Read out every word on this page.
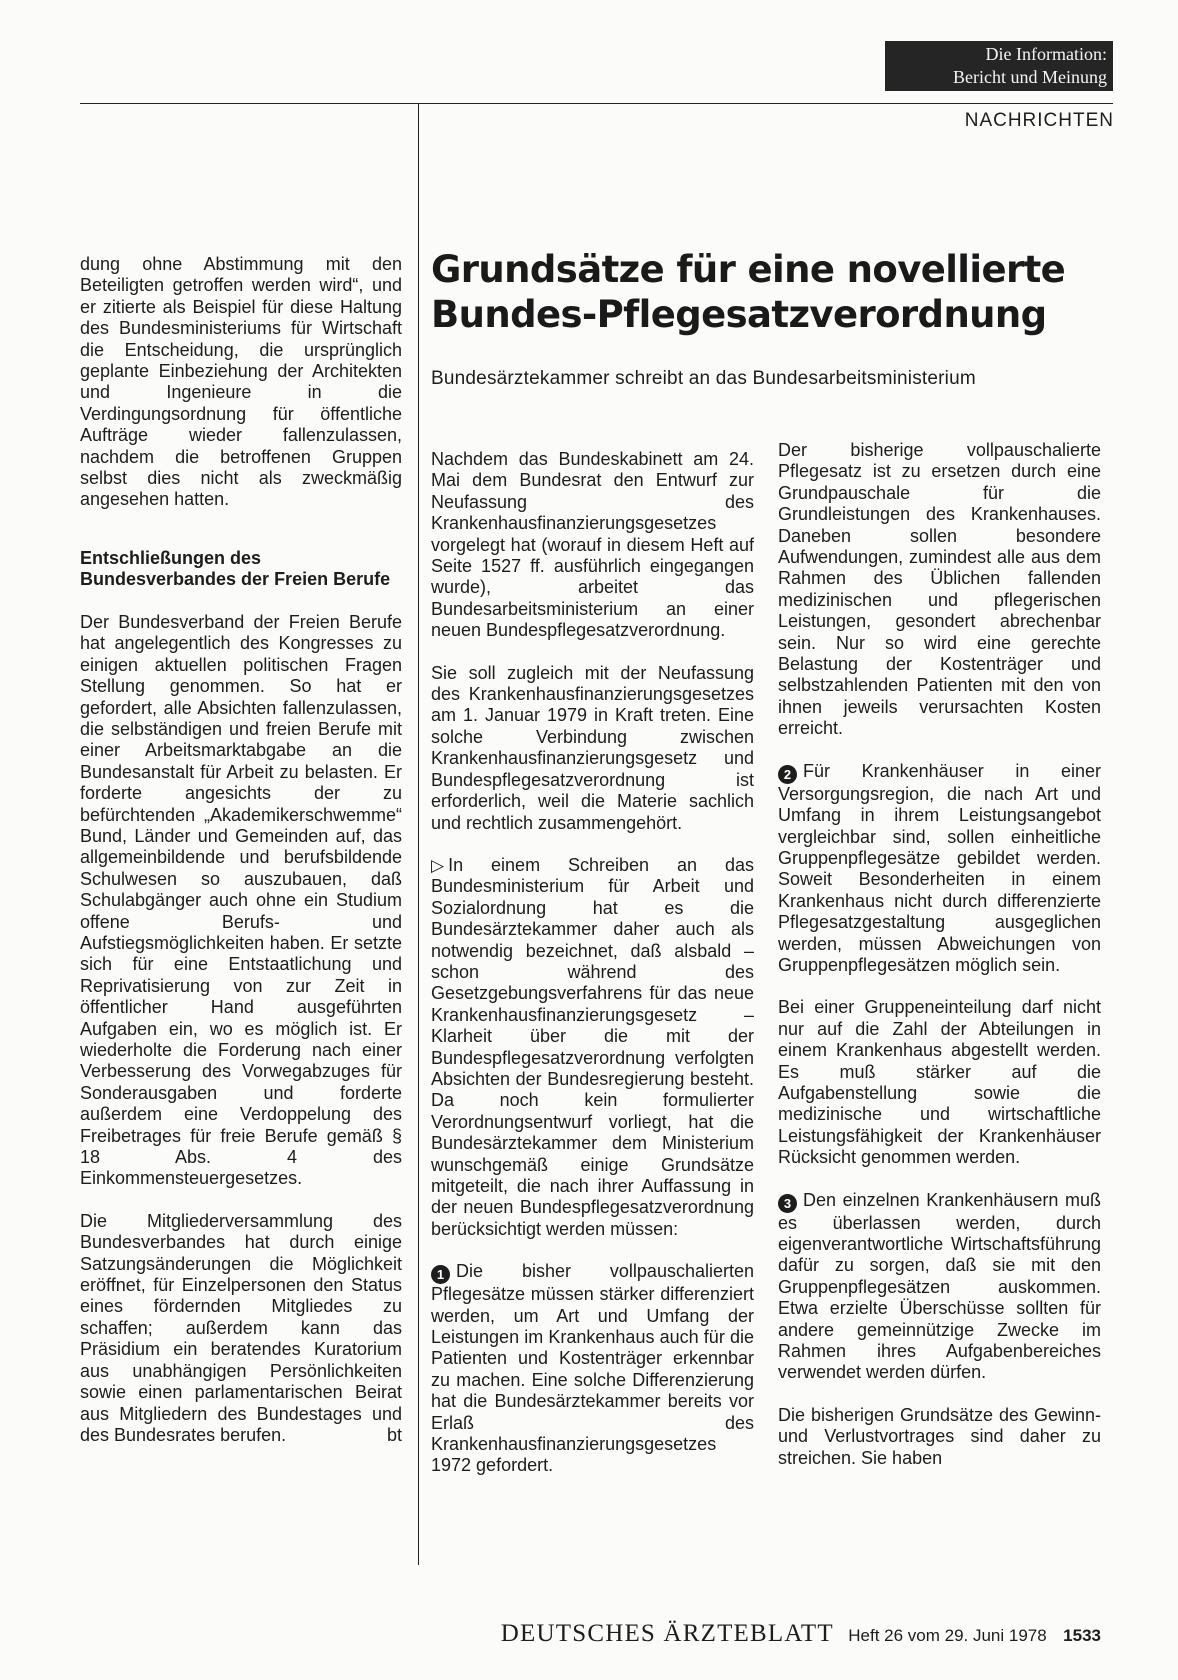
Die Information:
Bericht und Meinung
NACHRICHTEN

dung ohne Abstimmung mit den Beteiligten getroffen werden wird“, und er zitierte als Beispiel für diese Haltung des Bundesministeriums für Wirtschaft die Entscheidung, die ursprünglich geplante Einbeziehung der Architekten und Ingenieure in die Verdingungsordnung für öffentliche Aufträge wieder fallenzulassen, nachdem die betroffenen Gruppen selbst dies nicht als zweckmäßig angesehen hatten.

Entschließungen des Bundesverbandes der Freien Berufe

Der Bundesverband der Freien Berufe hat angelegentlich des Kongresses zu einigen aktuellen politischen Fragen Stellung genommen. So hat er gefordert, alle Absichten fallenzulassen, die selbständigen und freien Berufe mit einer Arbeitsmarktabgabe an die Bundesanstalt für Arbeit zu belasten. Er forderte angesichts der zu befürchtenden „Akademikerschwemme“ Bund, Länder und Gemeinden auf, das allgemeinbildende und berufsbildende Schulwesen so auszubauen, daß Schulabgänger auch ohne ein Studium offene Berufs- und Aufstiegsmöglichkeiten haben. Er setzte sich für eine Entstaatlichung und Reprivatisierung von zur Zeit in öffentlicher Hand ausgeführten Aufgaben ein, wo es möglich ist. Er wiederholte die Forderung nach einer Verbesserung des Vorwegabzuges für Sonderausgaben und forderte außerdem eine Verdoppelung des Freibetrages für freie Berufe gemäß § 18 Abs. 4 des Einkommensteuergesetzes.

Die Mitgliederversammlung des Bundesverbandes hat durch einige Satzungsänderungen die Möglichkeit eröffnet, für Einzelpersonen den Status eines fördernden Mitgliedes zu schaffen; außerdem kann das Präsidium ein beratendes Kuratorium aus unabhängigen Persönlichkeiten sowie einen parlamentarischen Beirat aus Mitgliedern des Bundestages und des Bundesrates berufen.	bt

Grundsätze für eine novellierte Bundes-Pflegesatzverordnung

Bundesärztekammer schreibt an das Bundesarbeitsministerium

Nachdem das Bundeskabinett am 24. Mai dem Bundesrat den Entwurf zur Neufassung des Krankenhausfinanzierungsgesetzes vorgelegt hat (worauf in diesem Heft auf Seite 1527 ff. ausführlich eingegangen wurde), arbeitet das Bundesarbeitsministerium an einer neuen Bundespflegesatzverordnung.

Sie soll zugleich mit der Neufassung des Krankenhausfinanzierungsgesetzes am 1. Januar 1979 in Kraft treten. Eine solche Verbindung zwischen Krankenhausfinanzierungsgesetz und Bundespflegesatzverordnung ist erforderlich, weil die Materie sachlich und rechtlich zusammengehört.

▷ In einem Schreiben an das Bundesministerium für Arbeit und Sozialordnung hat es die Bundesärztekammer daher auch als notwendig bezeichnet, daß alsbald – schon während des Gesetzgebungsverfahrens für das neue Krankenhausfinanzierungsgesetz – Klarheit über die mit der Bundespflegesatzverordnung verfolgten Absichten der Bundesregierung besteht. Da noch kein formulierter Verordnungsentwurf vorliegt, hat die Bundesärztekammer dem Ministerium wunschgemäß einige Grundsätze mitgeteilt, die nach ihrer Auffassung in der neuen Bundespflegesatzverordnung berücksichtigt werden müssen:

1 Die bisher vollpauschalierten Pflegesätze müssen stärker differenziert werden, um Art und Umfang der Leistungen im Krankenhaus auch für die Patienten und Kostenträger erkennbar zu machen. Eine solche Differenzierung hat die Bundesärztekammer bereits vor Erlaß des Krankenhausfinanzierungsgesetzes 1972 gefordert.

Der bisherige vollpauschalierte Pflegesatz ist zu ersetzen durch eine Grundpauschale für die Grundleistungen des Krankenhauses. Daneben sollen besondere Aufwendungen, zumindest alle aus dem Rahmen des Üblichen fallenden medizinischen und pflegerischen Leistungen, gesondert abrechenbar sein. Nur so wird eine gerechte Belastung der Kostenträger und selbstzahlenden Patienten mit den von ihnen jeweils verursachten Kosten erreicht.

2 Für Krankenhäuser in einer Versorgungsregion, die nach Art und Umfang in ihrem Leistungsangebot vergleichbar sind, sollen einheitliche Gruppenpflegesätze gebildet werden. Soweit Besonderheiten in einem Krankenhaus nicht durch differenzierte Pflegesatzgestaltung ausgeglichen werden, müssen Abweichungen von Gruppenpflegesätzen möglich sein.

Bei einer Gruppeneinteilung darf nicht nur auf die Zahl der Abteilungen in einem Krankenhaus abgestellt werden. Es muß stärker auf die Aufgabenstellung sowie die medizinische und wirtschaftliche Leistungsfähigkeit der Krankenhäuser Rücksicht genommen werden.

3 Den einzelnen Krankenhäusern muß es überlassen werden, durch eigenverantwortliche Wirtschaftsführung dafür zu sorgen, daß sie mit den Gruppenpflegesätzen auskommen. Etwa erzielte Überschüsse sollten für andere gemeinnützige Zwecke im Rahmen ihres Aufgabenbereiches verwendet werden dürfen.

Die bisherigen Grundsätze des Gewinn- und Verlustvortrages sind daher zu streichen. Sie haben

DEUTSCHES ÄRZTEBLATT Heft 26 vom 29. Juni 1978 1533
